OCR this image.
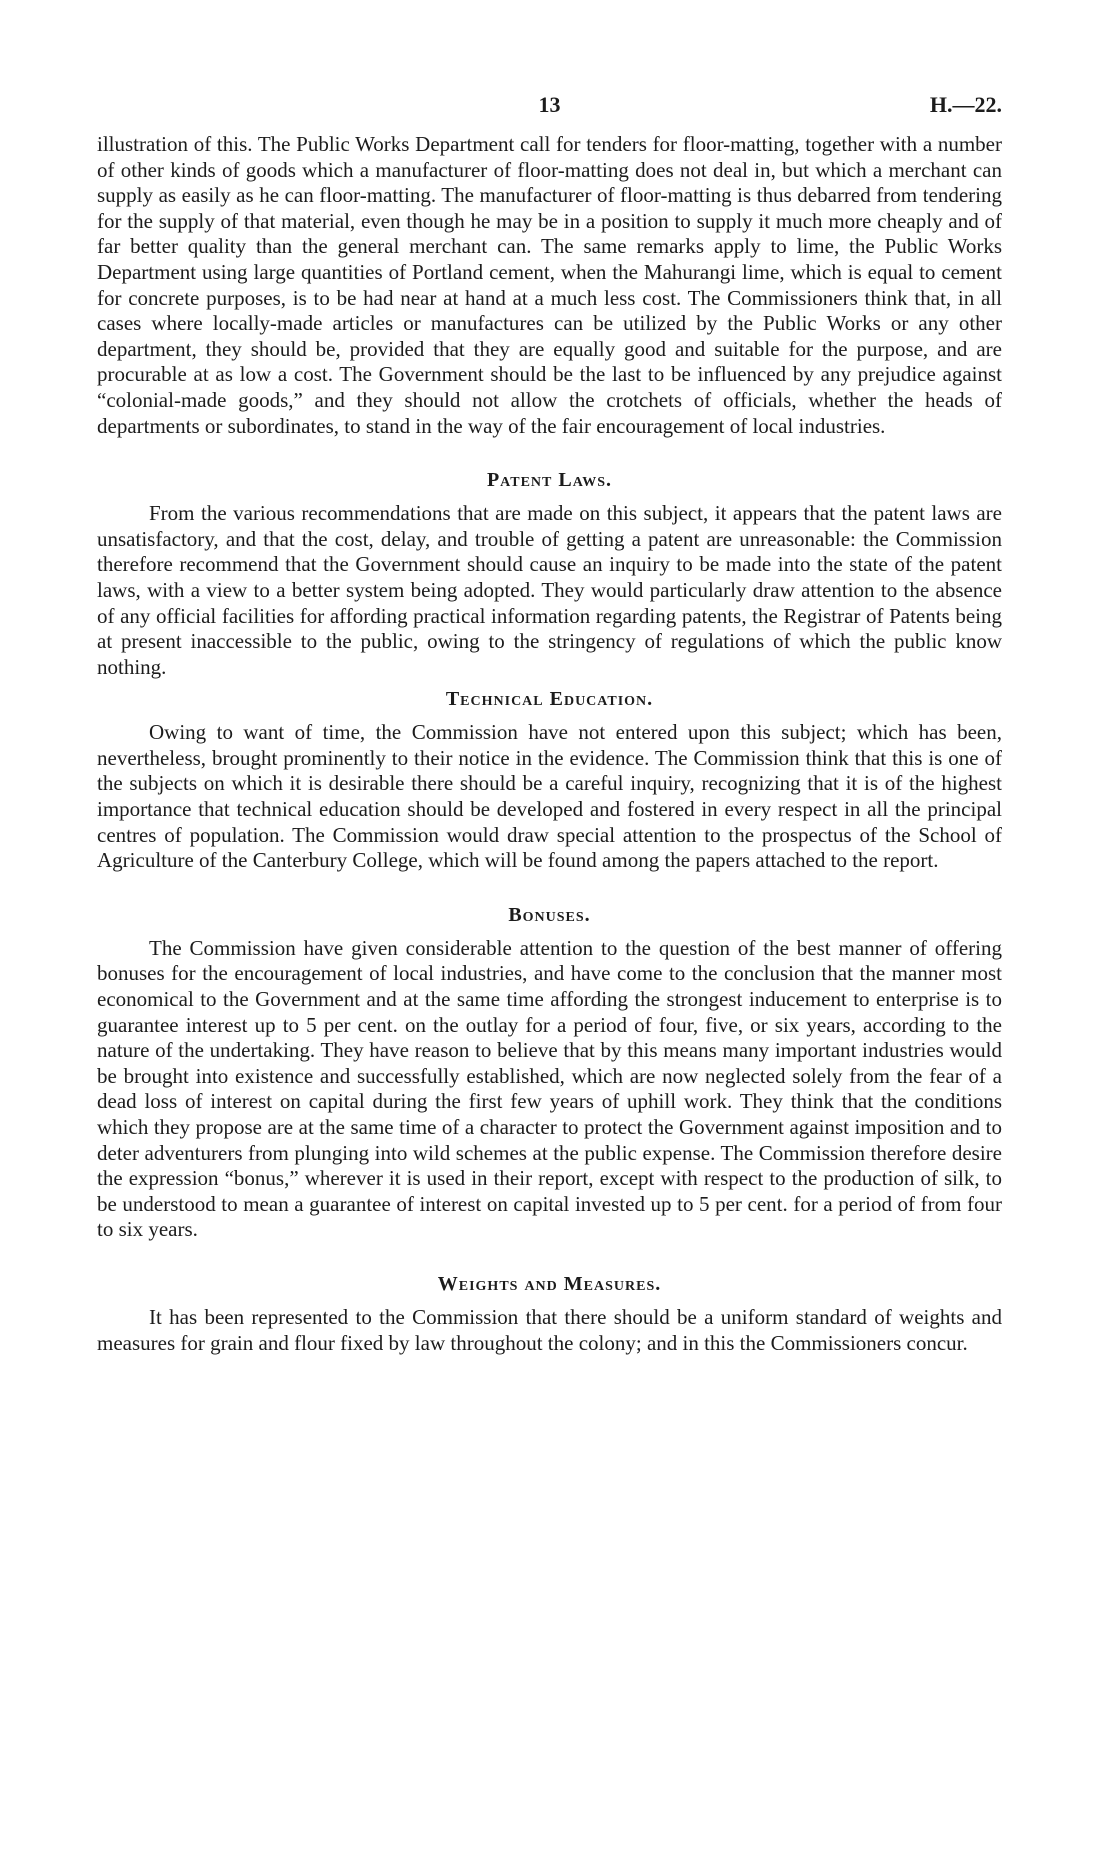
13	H.—22.

illustration of this. The Public Works Department call for tenders for floor-matting, together with a number of other kinds of goods which a manufacturer of floor-matting does not deal in, but which a merchant can supply as easily as he can floor-matting. The manufacturer of floor-matting is thus debarred from tendering for the supply of that material, even though he may be in a position to supply it much more cheaply and of far better quality than the general merchant can. The same remarks apply to lime, the Public Works Department using large quantities of Portland cement, when the Mahurangi lime, which is equal to cement for concrete purposes, is to be had near at hand at a much less cost. The Commissioners think that, in all cases where locally-made articles or manufactures can be utilized by the Public Works or any other department, they should be, provided that they are equally good and suitable for the purpose, and are procurable at as low a cost. The Government should be the last to be influenced by any prejudice against “colonial-made goods,” and they should not allow the crotchets of officials, whether the heads of departments or subordinates, to stand in the way of the fair encouragement of local industries.

Patent Laws.

From the various recommendations that are made on this subject, it appears that the patent laws are unsatisfactory, and that the cost, delay, and trouble of getting a patent are unreasonable: the Commission therefore recommend that the Government should cause an inquiry to be made into the state of the patent laws, with a view to a better system being adopted. They would particularly draw attention to the absence of any official facilities for affording practical information regarding patents, the Registrar of Patents being at present inaccessible to the public, owing to the stringency of regulations of which the public know nothing.

Technical Education.

Owing to want of time, the Commission have not entered upon this subject; which has been, nevertheless, brought prominently to their notice in the evidence. The Commission think that this is one of the subjects on which it is desirable there should be a careful inquiry, recognizing that it is of the highest importance that technical education should be developed and fostered in every respect in all the principal centres of population. The Commission would draw special attention to the prospectus of the School of Agriculture of the Canterbury College, which will be found among the papers attached to the report.

Bonuses.

The Commission have given considerable attention to the question of the best manner of offering bonuses for the encouragement of local industries, and have come to the conclusion that the manner most economical to the Government and at the same time affording the strongest inducement to enterprise is to guarantee interest up to 5 per cent. on the outlay for a period of four, five, or six years, according to the nature of the undertaking. They have reason to believe that by this means many important industries would be brought into existence and successfully established, which are now neglected solely from the fear of a dead loss of interest on capital during the first few years of uphill work. They think that the conditions which they propose are at the same time of a character to protect the Government against imposition and to deter adventurers from plunging into wild schemes at the public expense. The Commission therefore desire the expression “bonus,” wherever it is used in their report, except with respect to the production of silk, to be understood to mean a guarantee of interest on capital invested up to 5 per cent. for a period of from four to six years.

Weights and Measures.

It has been represented to the Commission that there should be a uniform standard of weights and measures for grain and flour fixed by law throughout the colony; and in this the Commissioners concur.
